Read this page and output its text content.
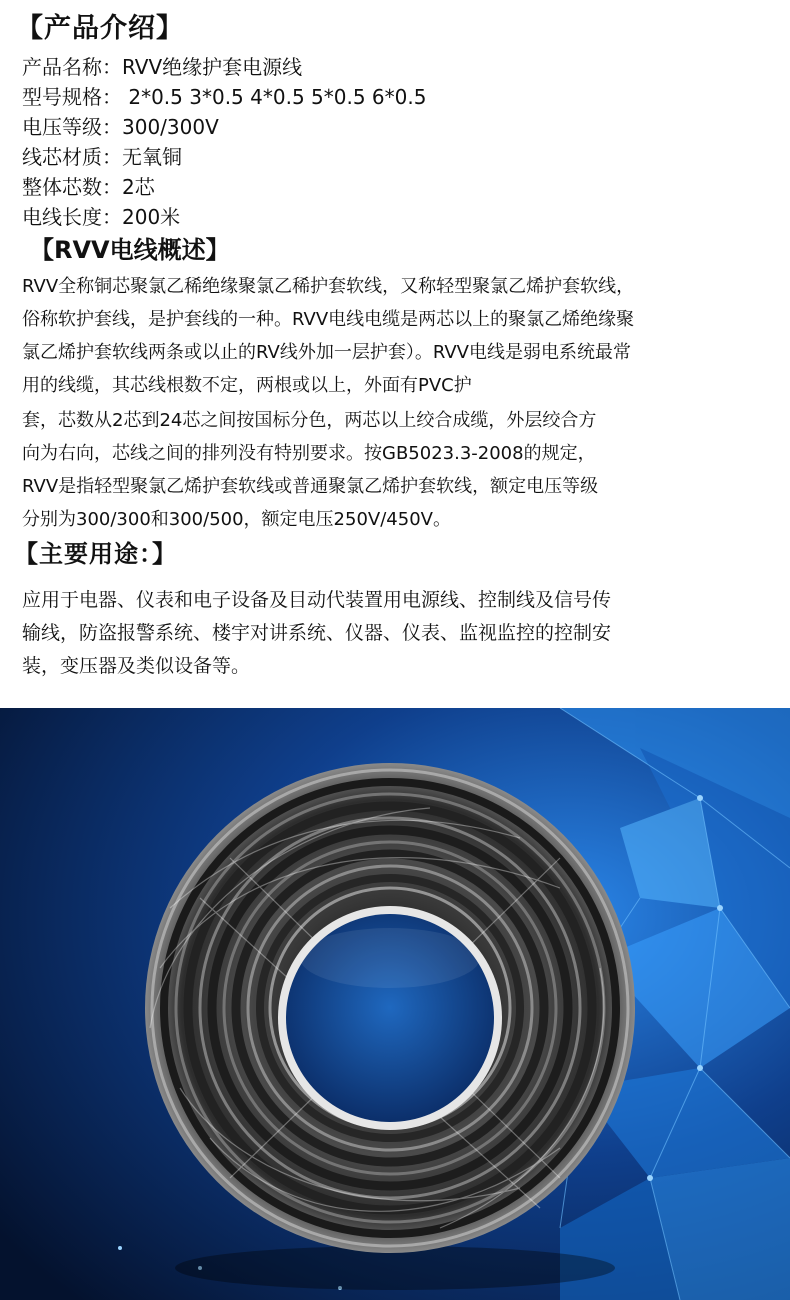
【产品介绍】
产品名称：RVV绝缘护套电源线
型号规格： 2*0.5 3*0.5 4*0.5 5*0.5 6*0.5
电压等级：300/300V
线芯材质：无氧铜
整体芯数：2芯
电线长度：200米
【RVV电线概述】
RVV全称铜芯聚氯乙稀绝缘聚氯乙稀护套软线，又称轻型聚氯乙烯护套软线，
俗称软护套线，是护套线的一种。RVV电线电缆是两芯以上的聚氯乙烯绝缘聚
氯乙烯护套软线两条或以止的RV线外加一层护套）。RVV电线是弱电系统最常
用的线缆，其芯线根数不定，两根或以上，外面有PVC护
套，芯数从2芯到24芯之间按国标分色，两芯以上绞合成缆，外层绞合方
向为右向，芯线之间的排列没有特别要求。按GB5023.3-2008的规定，
RVV是指轻型聚氯乙烯护套软线或普通聚氯乙烯护套软线，额定电压等级
分别为300/300和300/500，额定电压250V/450V。
【主要用途：】
应用于电器、仪表和电子设备及目动代装置用电源线、控制线及信号传
输线，防盗报警系统、楼宇对讲系统、仪器、仪表、监视监控的控制安
装，变压器及类似设备等。
